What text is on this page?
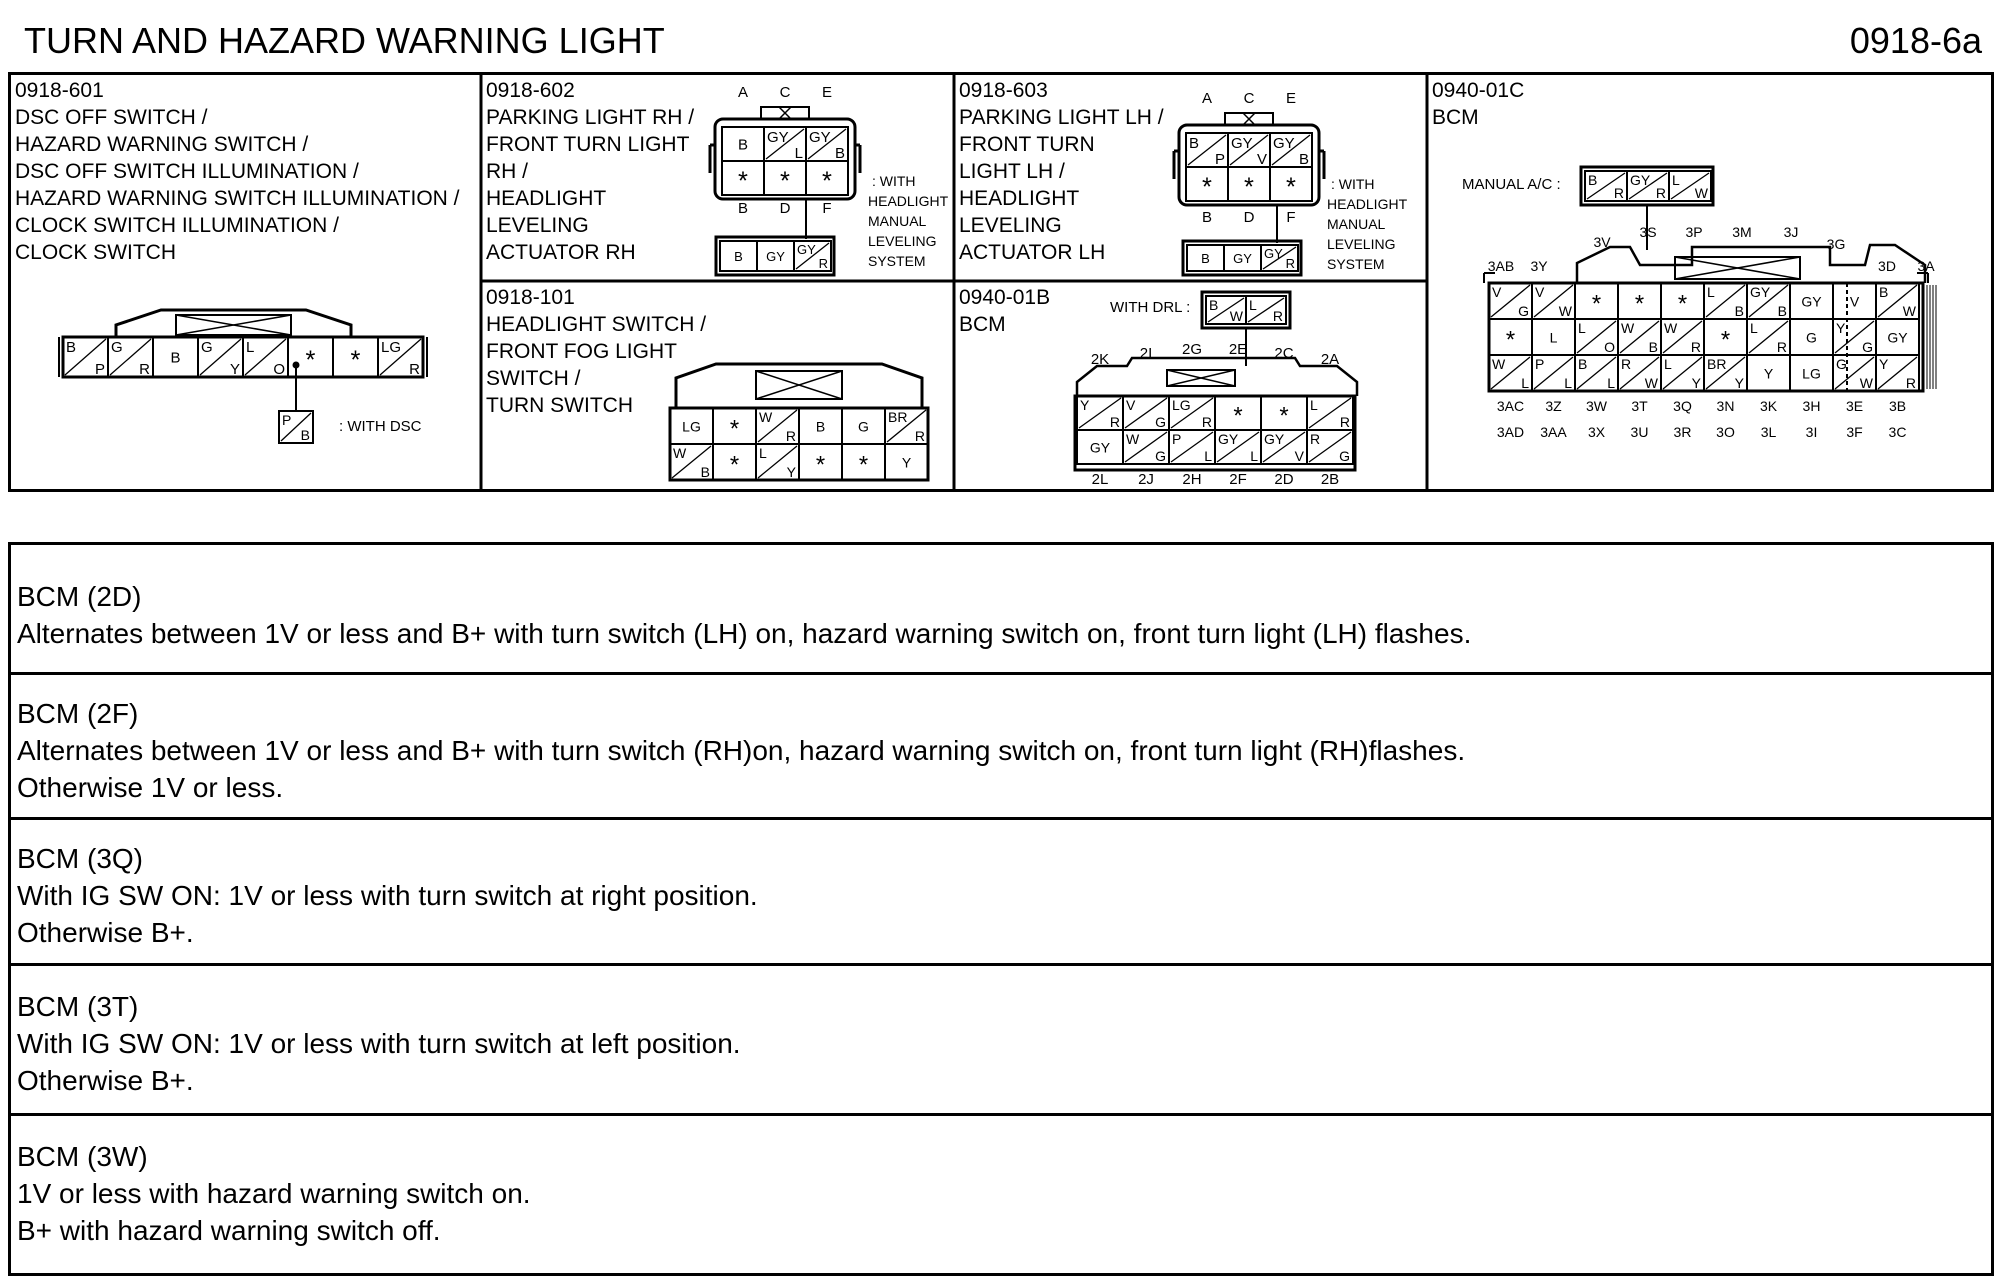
TURN AND HAZARD WARNING LIGHT	0918-6a
0918-601
DSC OFF SWITCH /
HAZARD WARNING SWITCH /
DSC OFF SWITCH ILLUMINATION /
HAZARD WARNING SWITCH ILLUMINATION /
CLOCK SWITCH ILLUMINATION /
CLOCK SWITCH
B
P
G
R
B
G
Y
L
O * * LG
R
P
B : WITH DSC
0918-602
PARKING LIGHT RH /
FRONT TURN LIGHT
RH /
HEADLIGHT
LEVELING
ACTUATOR RH
A C E
B GY
L
GY
B
* * *
B D F
B GY GY
R
: WITH
HEADLIGHT
MANUAL
LEVELING
SYSTEM
0918-603
PARKING LIGHT LH /
FRONT TURN
LIGHT LH /
HEADLIGHT
LEVELING
ACTUATOR LH
A C E
B
P
GY
V
GY
B
* * *
B D F
B GY GY
R
: WITH
HEADLIGHT
MANUAL
LEVELING
SYSTEM
0940-01C
BCM
MANUAL A/C : B
R
GY
R
L
W
V
G
V
W * * * L
B
GY
B
GY V
B
W
* L
L
O
W
B
W
R * L
R
G
Y
G
GY
W
L
P
L
B
L
R
W
L
Y
BR
Y
Y LG
G
W
Y
R
3AB 3Y
3V
3S 3P 3M 3J
3G
3D 3A
3AC 3Z 3W 3T 3Q 3N 3K 3H 3E 3B
3AD 3AA 3X 3U 3R 3O 3L 3I 3F 3C
0918-101
HEADLIGHT SWITCH /
FRONT FOG LIGHT
SWITCH /
TURN SWITCH
LG * W
R
B G
BR
R
W
B * L
Y * * Y
0940-01B
BCM
WITH DRL : B
W
L
R
Y
R
V
G
LG
R * * L
R
GY
W
G
P
L
GY
L
GY
V
R
G
2K 2I 2G 2E 2C 2A
2L 2J 2H 2F 2D 2B
BCM (2D)
Alternates between 1V or less and B+ with turn switch (LH) on, hazard warning switch on, front turn light (LH) flashes.
BCM (2F)
Alternates between 1V or less and B+ with turn switch (RH)on, hazard warning switch on, front turn light (RH)flashes.
Otherwise 1V or less.
BCM (3Q)
With IG SW ON: 1V or less with turn switch at right position.
Otherwise B+.
BCM (3T)
With IG SW ON: 1V or less with turn switch at left position.
Otherwise B+.
BCM (3W)
1V or less with hazard warning switch on.
B+ with hazard warning switch off.
